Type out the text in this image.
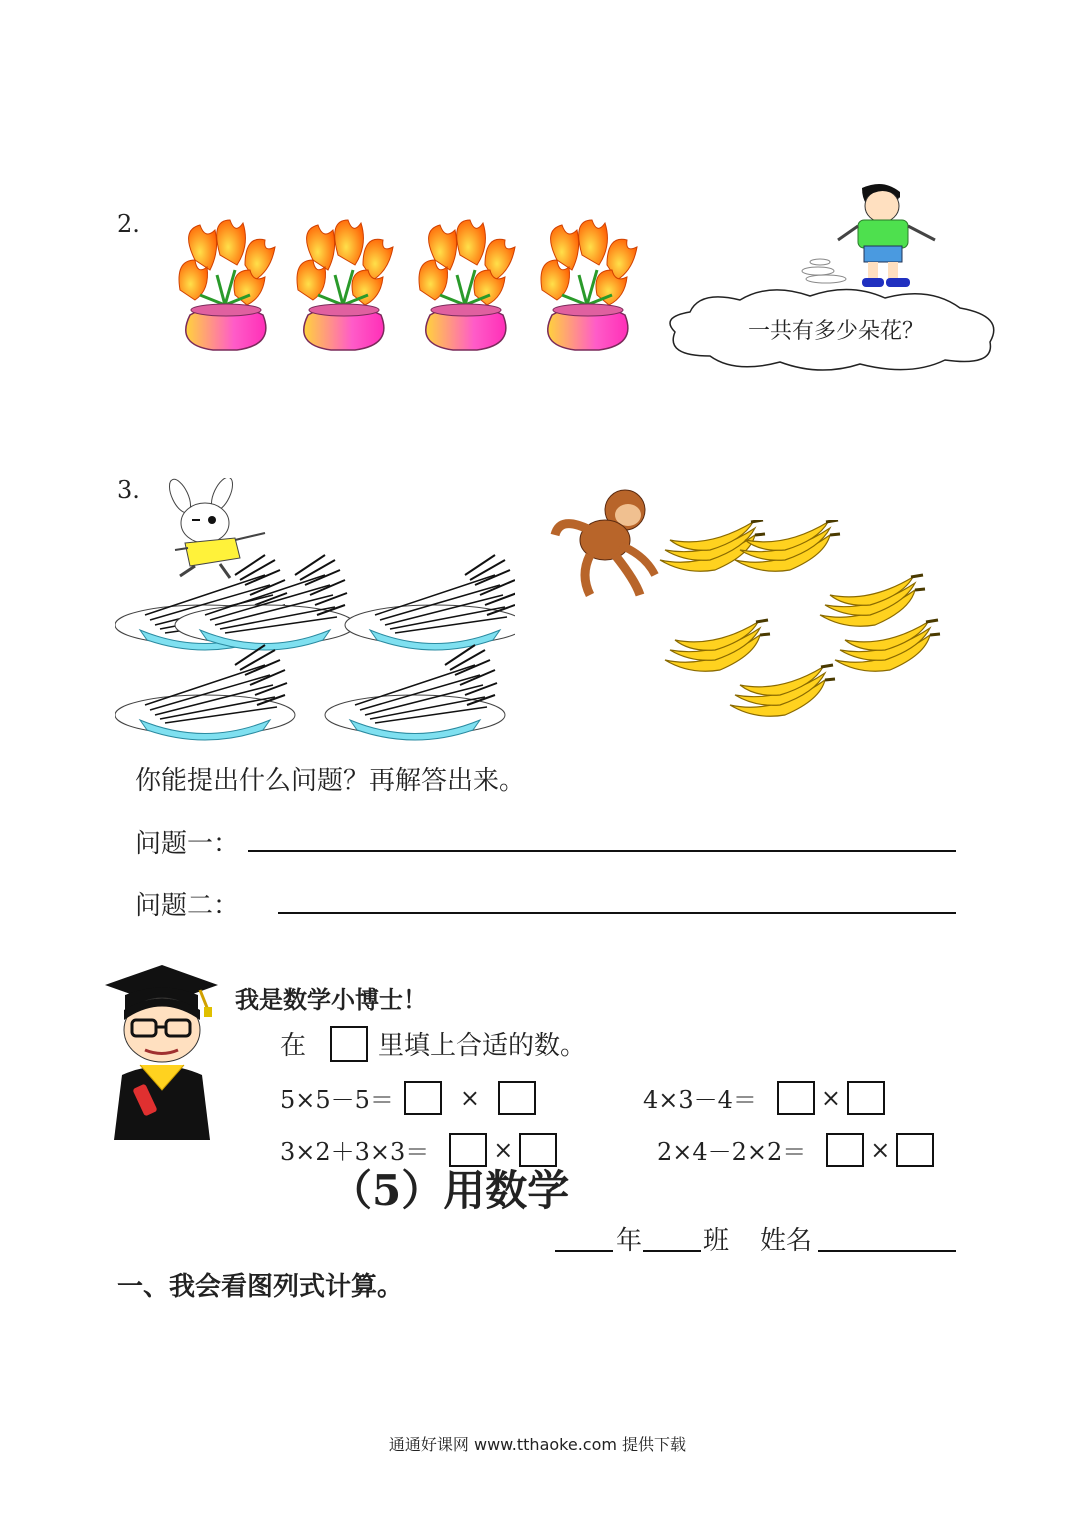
2.
一共有多少朵花？
3.
你能提出什么问题？再解答出来。
问题一：
问题二：
我是数学小博士！
在	里填上合适的数。
5×5－5＝	×	4×3－4＝	×
3×2＋3×3＝	×	2×4－2×2＝	×
（5）用数学
年 班 姓名
一、我会看图列式计算。
通通好课网 www.tthaoke.com 提供下载
